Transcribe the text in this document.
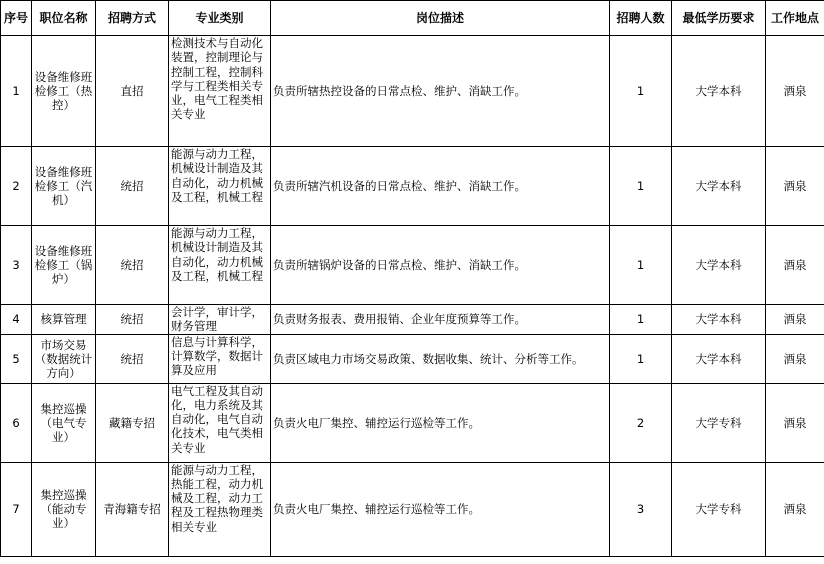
序号	职位名称	招聘方式	专业类别	岗位描述	招聘人数	最低学历要求	工作地点
1	设备维修班检修工（热控）	直招	检测技术与自动化装置，控制理论与控制工程，控制科学与工程类相关专业，电气工程类相关专业	负责所辖热控设备的日常点检、维护、消缺工作。	1	大学本科	酒泉
2	设备维修班检修工（汽机）	统招	能源与动力工程，机械设计制造及其自动化，动力机械及工程，机械工程	负责所辖汽机设备的日常点检、维护、消缺工作。	1	大学本科	酒泉
3	设备维修班检修工（锅炉）	统招	能源与动力工程，机械设计制造及其自动化，动力机械及工程，机械工程	负责所辖锅炉设备的日常点检、维护、消缺工作。	1	大学本科	酒泉
4	核算管理	统招	会计学，审计学，财务管理	负责财务报表、费用报销、企业年度预算等工作。	1	大学本科	酒泉
5	市场交易（数据统计方向）	统招	信息与计算科学，计算数学，数据计算及应用	负责区域电力市场交易政策、数据收集、统计、分析等工作。	1	大学本科	酒泉
6	集控巡操（电气专业）	藏籍专招	电气工程及其自动化，电力系统及其自动化，电气自动化技术，电气类相关专业	负责火电厂集控、辅控运行巡检等工作。	2	大学专科	酒泉
7	集控巡操（能动专业）	青海籍专招	能源与动力工程，热能工程，动力机械及工程，动力工程及工程热物理类相关专业	负责火电厂集控、辅控运行巡检等工作。	3	大学专科	酒泉
